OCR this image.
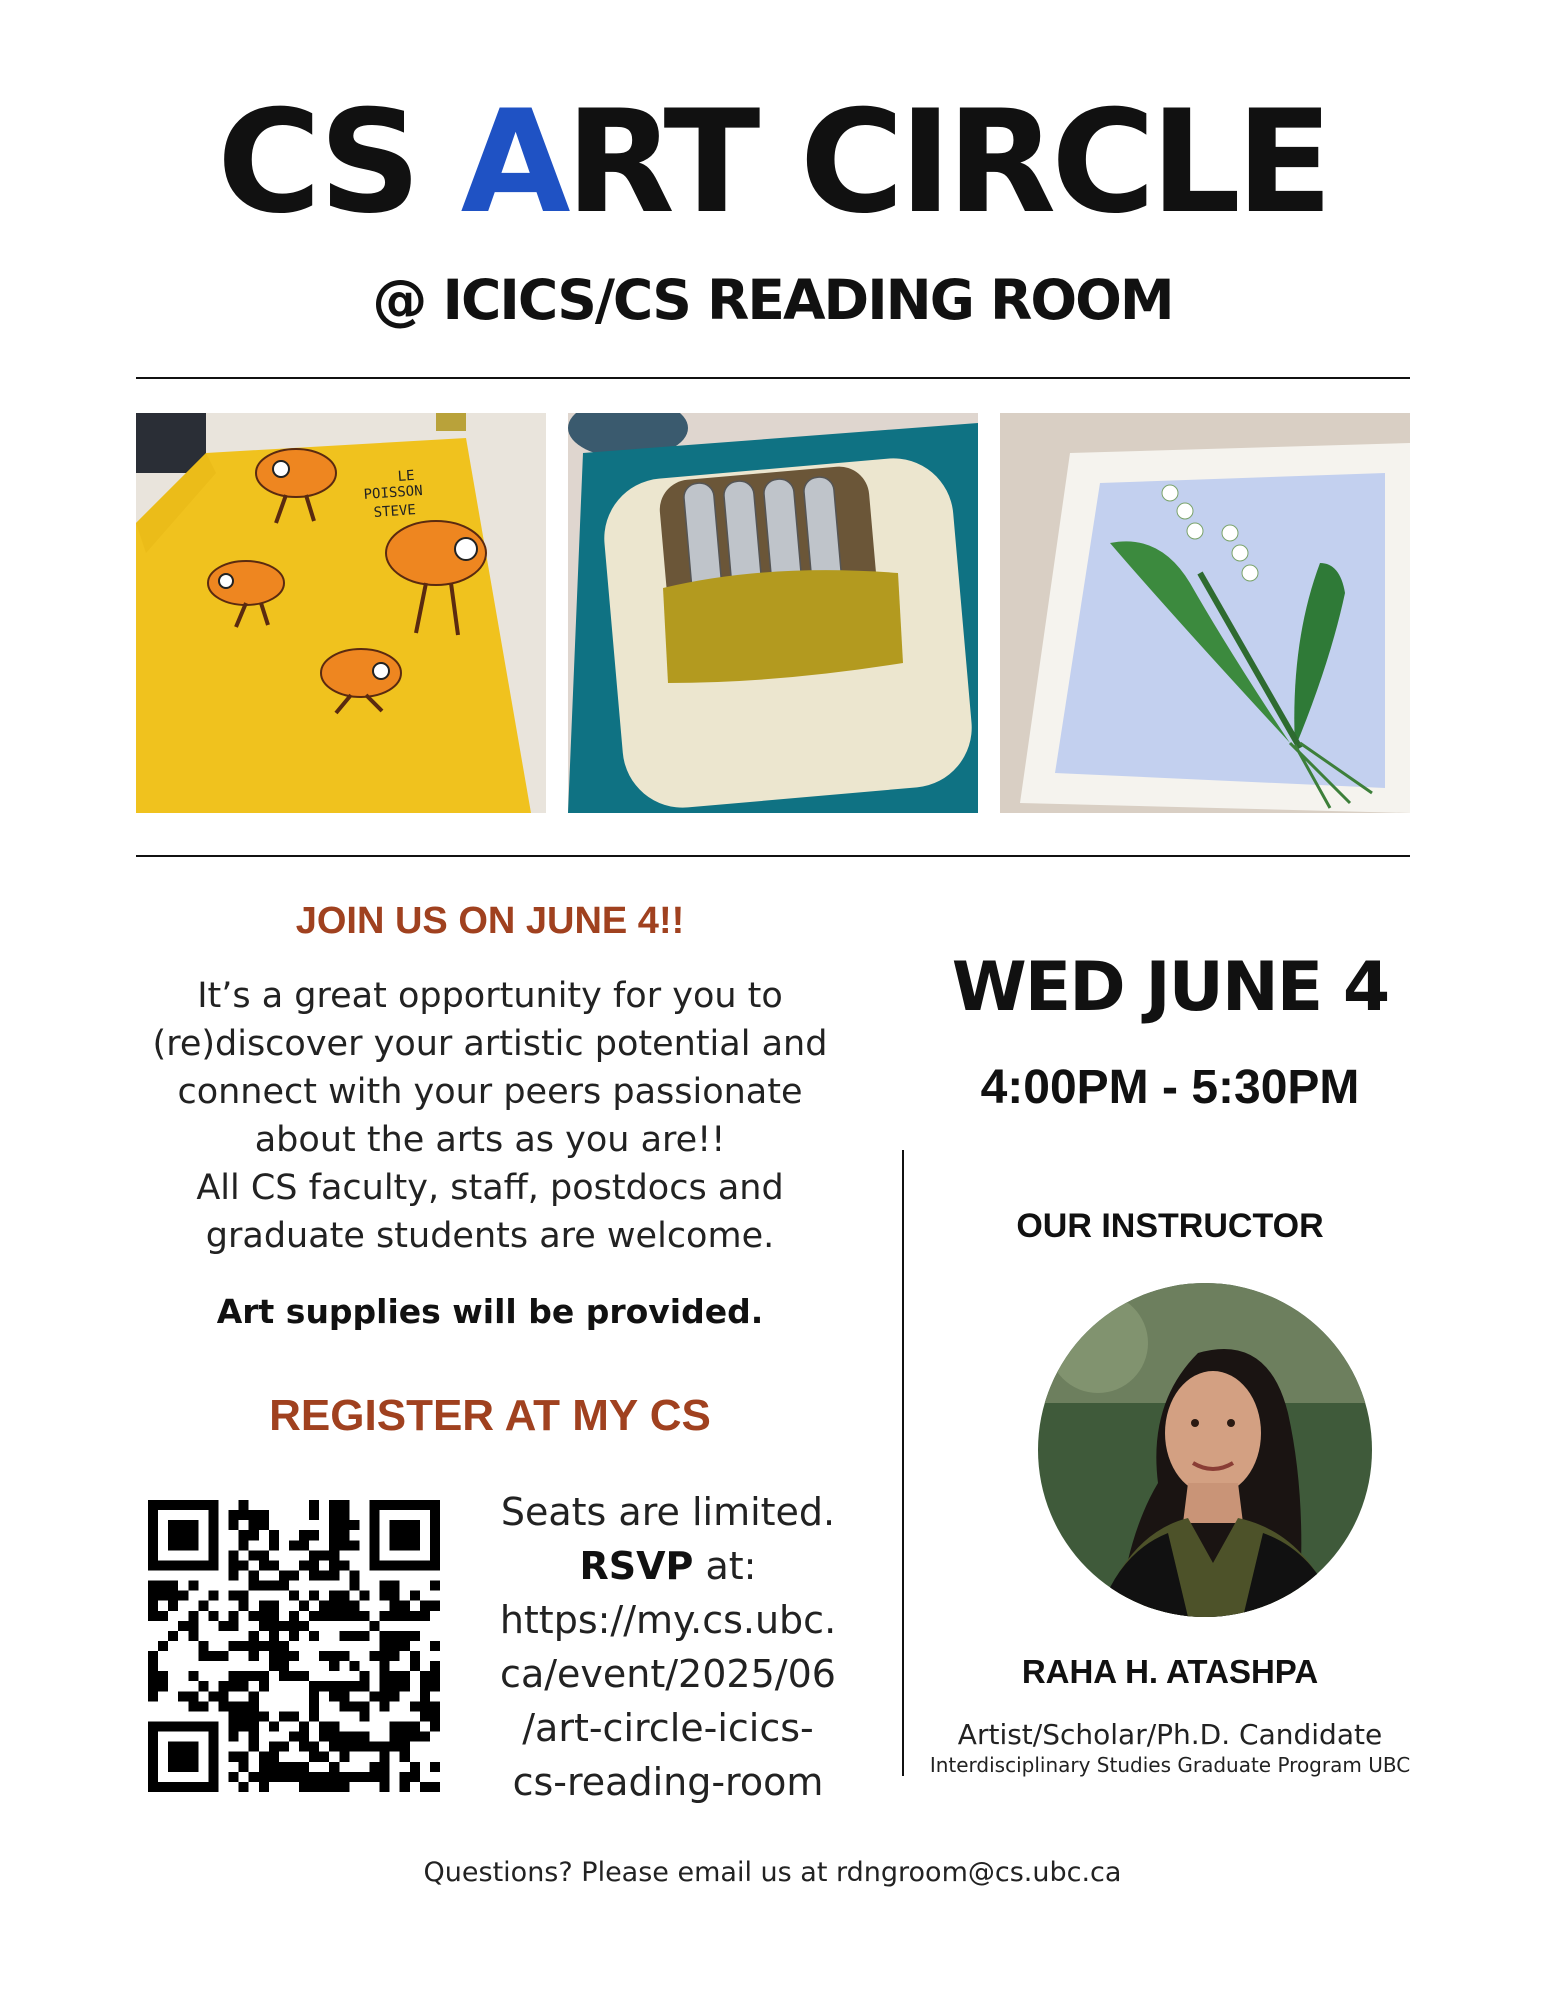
CS ART CIRCLE
@ ICICS/CS READING ROOM
LE
POISSON
STEVE
JOIN US ON JUNE 4!!
It’s a great opportunity for you to
(re)discover your artistic potential and
connect with your peers passionate
about the arts as you are!!
All CS faculty, staff, postdocs and
graduate students are welcome.
Art supplies will be provided.
REGISTER AT MY CS
Seats are limited.
RSVP at:
https://my.cs.ubc.
ca/event/2025/06
/art-circle-icics-
cs-reading-room
WED JUNE 4
4:00PM - 5:30PM
OUR INSTRUCTOR
RAHA H. ATASHPA
Artist/Scholar/Ph.D. Candidate
Interdisciplinary Studies Graduate Program UBC
Questions? Please email us at rdngroom@cs.ubc.ca
